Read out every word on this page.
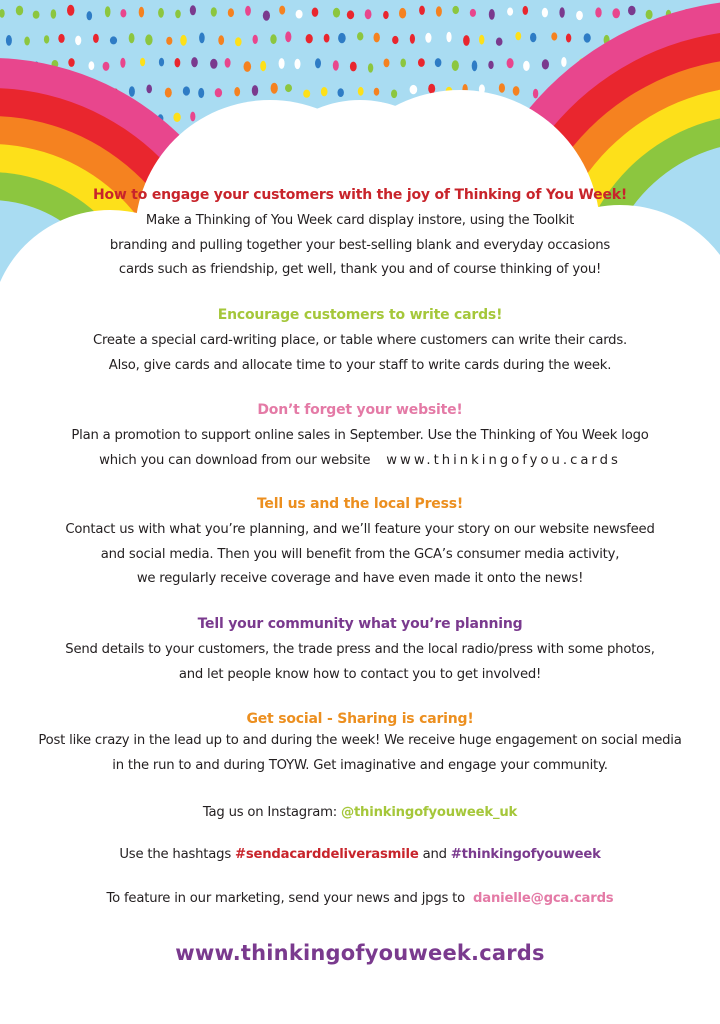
How to engage your customers with the joy of Thinking of You Week!
Make a Thinking of You Week card display instore, using the Toolkit
branding and pulling together your best-selling blank and everyday occasions
cards such as friendship, get well, thank you and of course thinking of you!
Encourage customers to write cards!
Create a special card-writing place, or table where customers can write their cards.
Also, give cards and allocate time to your staff to write cards during the week.
Don’t forget your website!
Plan a promotion to support online sales in September. Use the Thinking of You Week logo
which you can download from our website www.thinkingofyou.cards
Tell us and the local Press!
Contact us with what you’re planning, and we’ll feature your story on our website newsfeed
and social media. Then you will benefit from the GCA’s consumer media activity,
we regularly receive coverage and have even made it onto the news!
Tell your community what you’re planning
Send details to your customers, the trade press and the local radio/press with some photos,
and let people know how to contact you to get involved!
Get social - Sharing is caring!
Post like crazy in the lead up to and during the week! We receive huge engagement on social media
in the run to and during TOYW. Get imaginative and engage your community.
Tag us on Instagram: @thinkingofyouweek_uk
Use the hashtags #sendacarddeliverasmile and #thinkingofyouweek
To feature in our marketing, send your news and jpgs to danielle@gca.cards
www.thinkingofyouweek.cards
